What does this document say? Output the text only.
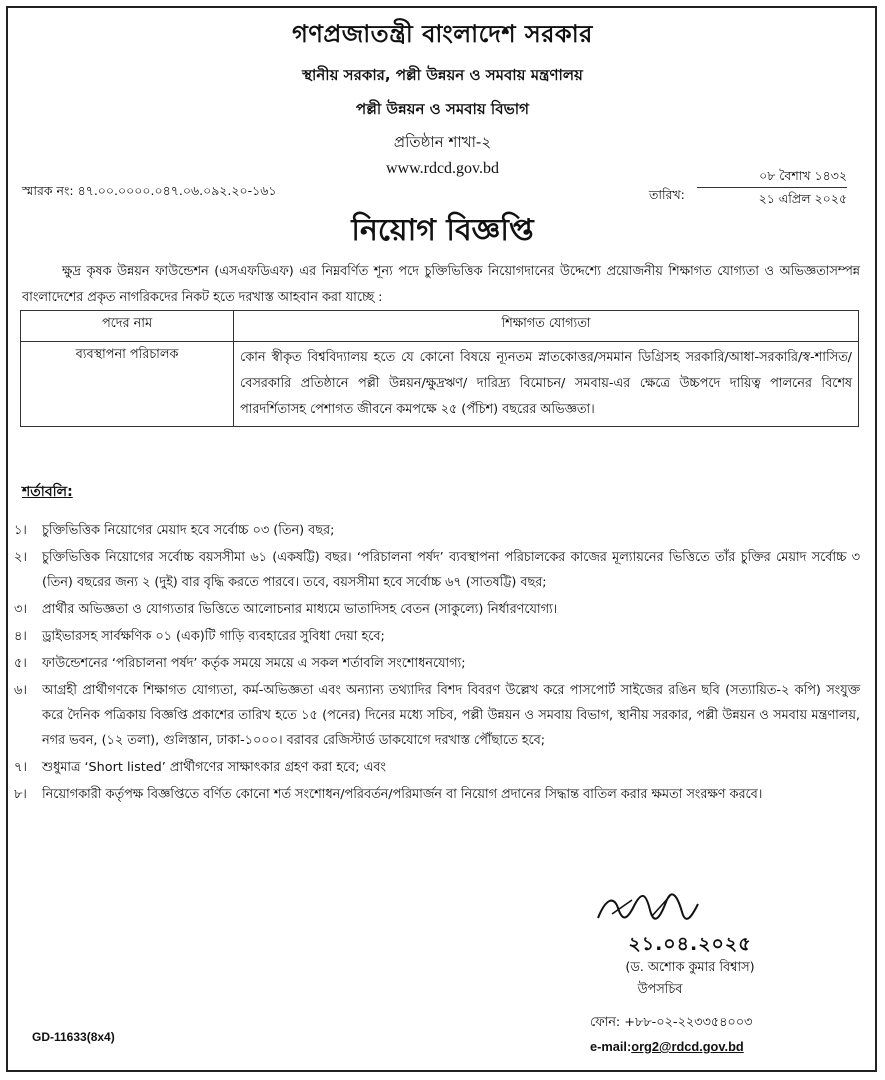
গণপ্রজাতন্ত্রী বাংলাদেশ সরকার
স্থানীয় সরকার, পল্লী উন্নয়ন ও সমবায় মন্ত্রণালয়
পল্লী উন্নয়ন ও সমবায় বিভাগ
প্রতিষ্ঠান শাখা-২
www.rdcd.gov.bd
স্মারক নং: ৪৭.০০.০০০০.০৪৭.০৬.০৯২.২০-১৬১	তারিখ:
০৮ বৈশাখ ১৪৩২
২১ এপ্রিল ২০২৫
নিয়োগ বিজ্ঞপ্তি
ক্ষুদ্র কৃষক উন্নয়ন ফাউন্ডেশন (এসএফডিএফ) এর নিম্নবর্ণিত শূন্য পদে চুক্তিভিত্তিক নিয়োগদানের উদ্দেশ্যে প্রয়োজনীয় শিক্ষাগত যোগ্যতা ও অভিজ্ঞতাসম্পন্ন বাংলাদেশের প্রকৃত নাগরিকদের নিকট হতে দরখাস্ত আহবান করা যাচ্ছে :
পদের নাম	শিক্ষাগত যোগ্যতা
ব্যবস্থাপনা পরিচালক	কোন স্বীকৃত বিশ্ববিদ্যালয় হতে যে কোনো বিষয়ে ন্যূনতম স্নাতকোত্তর/সমমান ডিগ্রিসহ সরকারি/আধা-সরকারি/স্ব-শাসিত/বেসরকারি প্রতিষ্ঠানে পল্লী উন্নয়ন/ক্ষুদ্রঋণ/ দারিদ্র্য বিমোচন/ সমবায়-এর ক্ষেত্রে উচ্চপদে দায়িত্ব পালনের বিশেষ পারদর্শিতাসহ পেশাগত জীবনে কমপক্ষে ২৫ (পঁচিশ) বছরের অভিজ্ঞতা।
শর্তাবলি:
১।	চুক্তিভিত্তিক নিয়োগের মেয়াদ হবে সর্বোচ্চ ০৩ (তিন) বছর;
২।	চুক্তিভিত্তিক নিয়োগের সর্বোচ্চ বয়সসীমা ৬১ (একষট্টি) বছর। ‘পরিচালনা পর্ষদ’ ব্যবস্থাপনা পরিচালকের কাজের মূল্যায়নের ভিত্তিতে তাঁর চুক্তির মেয়াদ সর্বোচ্চ ৩ (তিন) বছরের জন্য ২ (দুই) বার বৃদ্ধি করতে পারবে। তবে, বয়সসীমা হবে সর্বোচ্চ ৬৭ (সাতষট্টি) বছর;
৩।	প্রার্থীর অভিজ্ঞতা ও যোগ্যতার ভিত্তিতে আলোচনার মাধ্যমে ভাতাদিসহ বেতন (সাকুল্যে) নির্ধারণযোগ্য।
৪।	ড্রাইভারসহ সার্বক্ষণিক ০১ (এক)টি গাড়ি ব্যবহারের সুবিধা দেয়া হবে;
৫।	ফাউন্ডেশনের ‘পরিচালনা পর্ষদ’ কর্তৃক সময়ে সময়ে এ সকল শর্তাবলি সংশোধনযোগ্য;
৬।	আগ্রহী প্রার্থীগণকে শিক্ষাগত যোগ্যতা, কর্ম-অভিজ্ঞতা এবং অন্যান্য তথ্যাদির বিশদ বিবরণ উল্লেখ করে পাসপোর্ট সাইজের রঙিন ছবি (সত্যায়িত-২ কপি) সংযুক্ত করে দৈনিক পত্রিকায় বিজ্ঞপ্তি প্রকাশের তারিখ হতে ১৫ (পনের) দিনের মধ্যে সচিব, পল্লী উন্নয়ন ও সমবায় বিভাগ, স্থানীয় সরকার, পল্লী উন্নয়ন ও সমবায় মন্ত্রণালয়, নগর ভবন, (১২ তলা), গুলিস্তান, ঢাকা-১০০০। বরাবর রেজিস্টার্ড ডাকযোগে দরখাস্ত পৌঁছাতে হবে;
৭।	শুধুমাত্র ‘Short listed’ প্রার্থীগণের সাক্ষাৎকার গ্রহণ করা হবে; এবং
৮।	নিয়োগকারী কর্তৃপক্ষ বিজ্ঞপ্তিতে বর্ণিত কোনো শর্ত সংশোধন/পরিবর্তন/পরিমার্জন বা নিয়োগ প্রদানের সিদ্ধান্ত বাতিল করার ক্ষমতা সংরক্ষণ করবে।
২১.০৪.২০২৫
(ড. অশোক কুমার বিশ্বাস)
উপসচিব
ফোন: +৮৮-০২-২২৩৩৫৪০০৩
e-mail:org2@rdcd.gov.bd
GD-11633(8x4)
